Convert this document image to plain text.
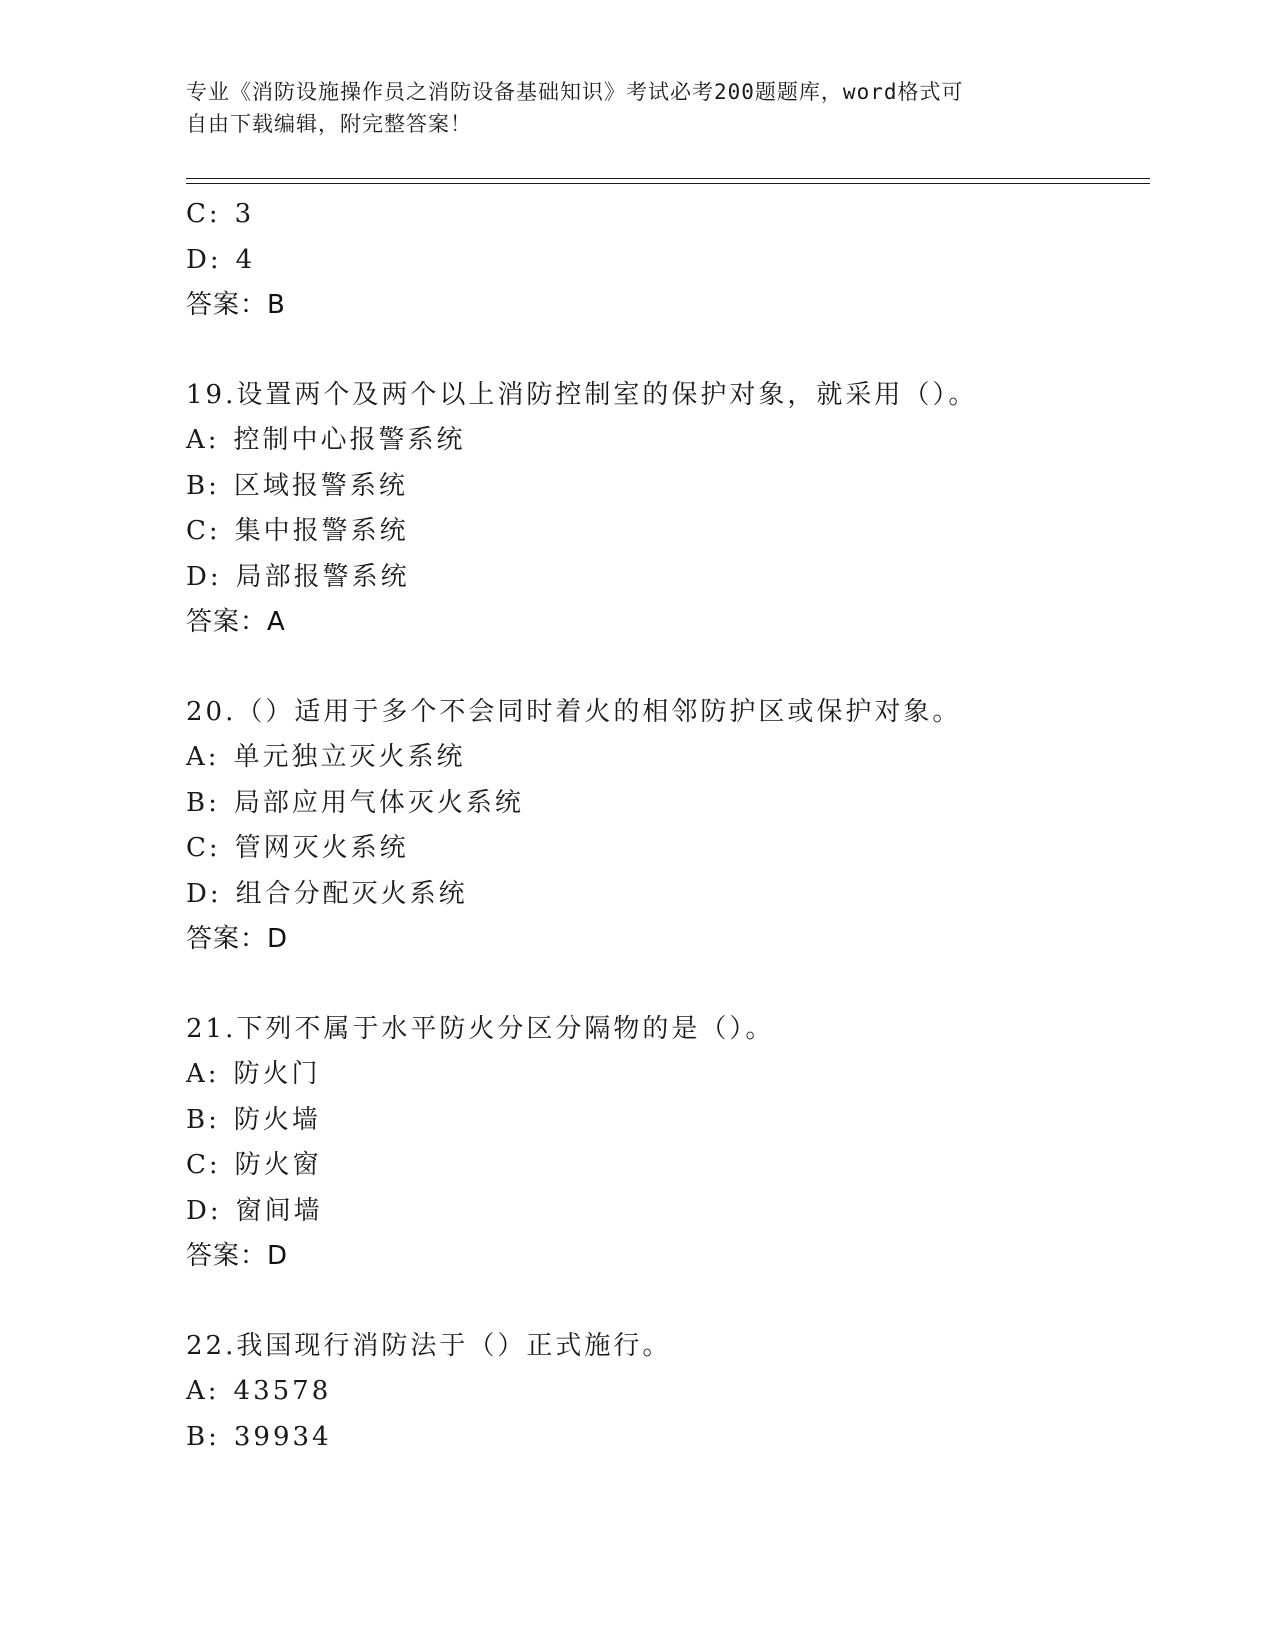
专业《消防设施操作员之消防设备基础知识》考试必考200题题库，word格式可
自由下载编辑，附完整答案！
C: 3
D: 4
答案：B
19.设置两个及两个以上消防控制室的保护对象，就采用（）。
A: 控制中心报警系统
B: 区域报警系统
C: 集中报警系统
D: 局部报警系统
答案：A
20.（）适用于多个不会同时着火的相邻防护区或保护对象。
A: 单元独立灭火系统
B: 局部应用气体灭火系统
C: 管网灭火系统
D: 组合分配灭火系统
答案：D
21.下列不属于水平防火分区分隔物的是（）。
A: 防火门
B: 防火墙
C: 防火窗
D: 窗间墙
答案：D
22.我国现行消防法于（）正式施行。
A: 43578
B: 39934
